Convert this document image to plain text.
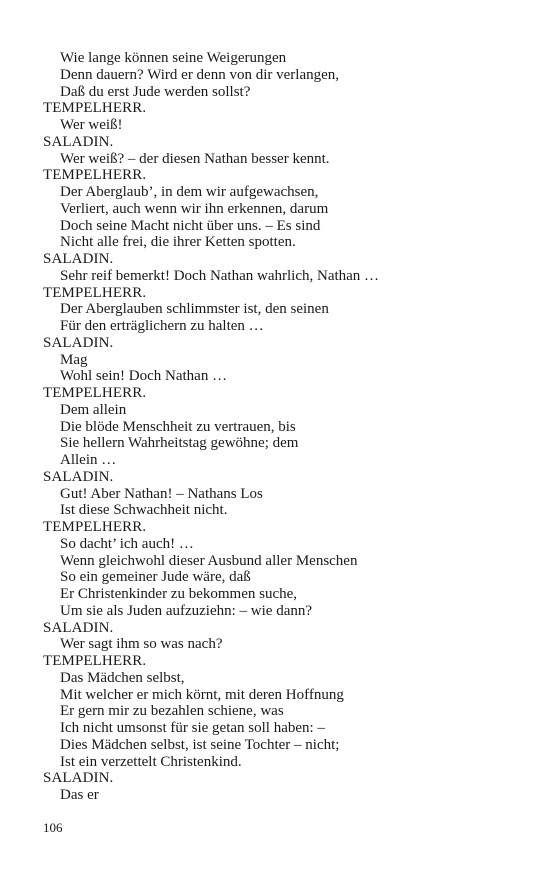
Wie lange können seine Weigerungen
Denn dauern? Wird er denn von dir verlangen,
Daß du erst Jude werden sollst?
TEMPELHERR.
Wer weiß!
SALADIN.
Wer weiß? – der diesen Nathan besser kennt.
TEMPELHERR.
Der Aberglaub’, in dem wir aufgewachsen,
Verliert, auch wenn wir ihn erkennen, darum
Doch seine Macht nicht über uns. – Es sind
Nicht alle frei, die ihrer Ketten spotten.
SALADIN.
Sehr reif bemerkt! Doch Nathan wahrlich, Nathan …
TEMPELHERR.
Der Aberglauben schlimmster ist, den seinen
Für den erträglichern zu halten …
SALADIN.
Mag
Wohl sein! Doch Nathan …
TEMPELHERR.
Dem allein
Die blöde Menschheit zu vertrauen, bis
Sie hellern Wahrheitstag gewöhne; dem
Allein …
SALADIN.
Gut! Aber Nathan! – Nathans Los
Ist diese Schwachheit nicht.
TEMPELHERR.
So dacht’ ich auch! …
Wenn gleichwohl dieser Ausbund aller Menschen
So ein gemeiner Jude wäre, daß
Er Christenkinder zu bekommen suche,
Um sie als Juden aufzuziehn: – wie dann?
SALADIN.
Wer sagt ihm so was nach?
TEMPELHERR.
Das Mädchen selbst,
Mit welcher er mich körnt, mit deren Hoffnung
Er gern mir zu bezahlen schiene, was
Ich nicht umsonst für sie getan soll haben: –
Dies Mädchen selbst, ist seine Tochter – nicht;
Ist ein verzettelt Christenkind.
SALADIN.
Das er
106
